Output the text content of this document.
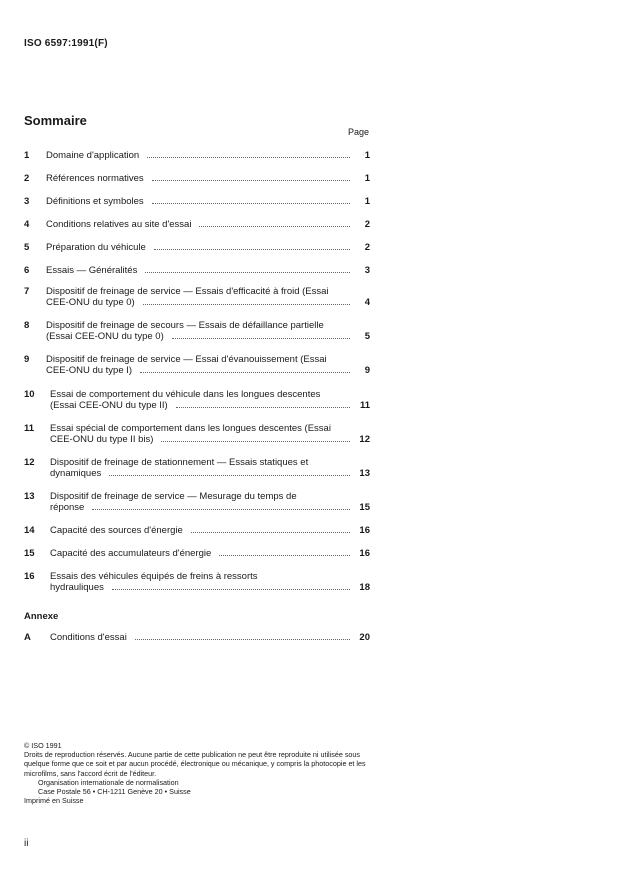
ISO 6597:1991(F)
Sommaire
Page
1 Domaine d'application	1
2 Références normatives	1
3 Définitions et symboles	1
4 Conditions relatives au site d'essai	2
5 Préparation du véhicule	2
6 Essais — Généralités	3
7 Dispositif de freinage de service — Essais d'efficacité à froid (Essai
CEE-ONU du type 0)	4
8 Dispositif de freinage de secours — Essais de défaillance partielle
(Essai CEE-ONU du type 0)	5
9 Dispositif de freinage de service — Essai d'évanouissement (Essai
CEE-ONU du type I)	9
10 Essai de comportement du véhicule dans les longues descentes
(Essai CEE-ONU du type II)	11
11 Essai spécial de comportement dans les longues descentes (Essai
CEE-ONU du type II bis)	12
12 Dispositif de freinage de stationnement — Essais statiques et
dynamiques	13
13 Dispositif de freinage de service — Mesurage du temps de
réponse	15
14 Capacité des sources d'énergie	16
15 Capacité des accumulateurs d'énergie	16
16 Essais des véhicules équipés de freins à ressorts
hydrauliques	18
Annexe
A Conditions d'essai	20
© ISO 1991
Droits de reproduction réservés. Aucune partie de cette publication ne peut être reproduite ni utilisée sous quelque forme que ce soit et par aucun procédé, électronique ou mécanique, y compris la photocopie et les microfilms, sans l'accord écrit de l'éditeur.
Organisation internationale de normalisation
Case Postale 56 • CH-1211 Genève 20 • Suisse
Imprimé en Suisse
ii
